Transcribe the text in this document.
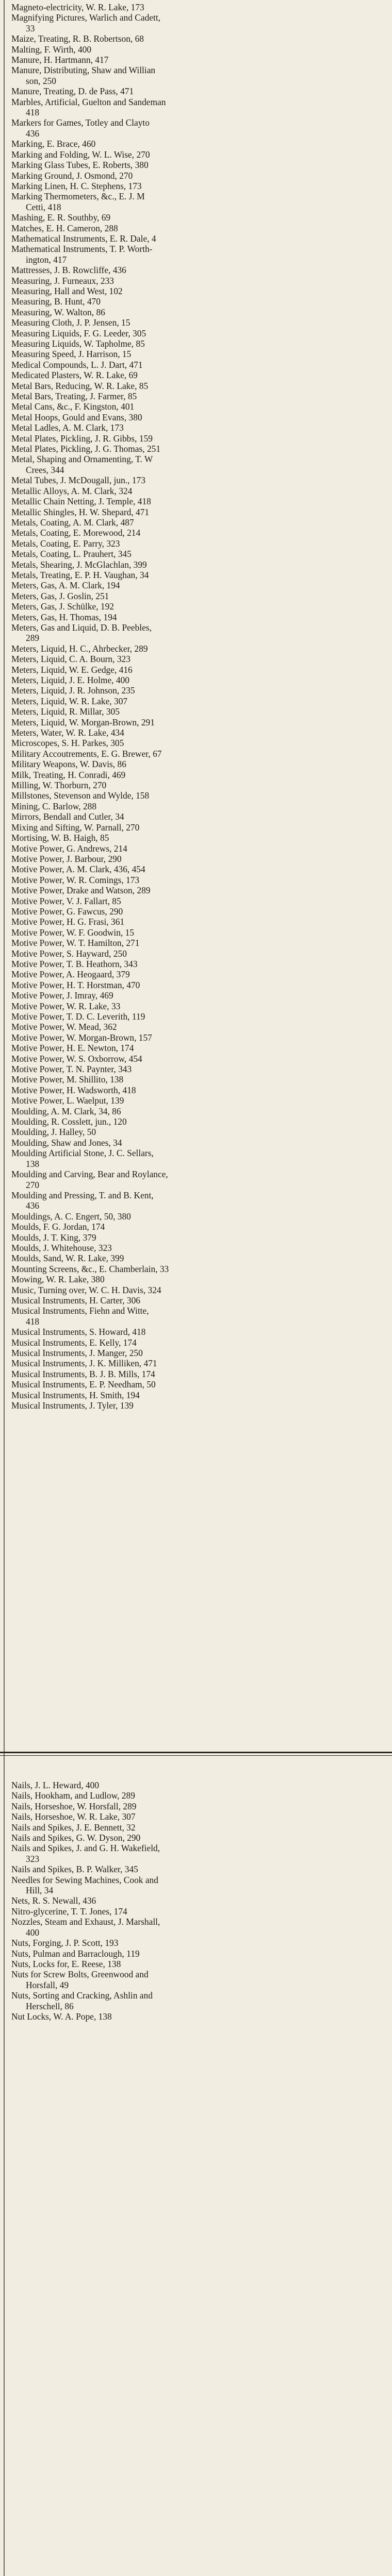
Magneto-electricity, W. R. Lake, 173
Magnifying Pictures, Warlich and Cadett,
33
Maize, Treating, R. B. Robertson, 68
Malting, F. Wirth, 400
Manure, H. Hartmann, 417
Manure, Distributing, Shaw and Willian
son, 250
Manure, Treating, D. de Pass, 471
Marbles, Artificial, Guelton and Sandeman
418
Markers for Games, Totley and Clayto
436
Marking, E. Brace, 460
Marking and Folding, W. L. Wise, 270
Marking Glass Tubes, E. Roberts, 380
Marking Ground, J. Osmond, 270
Marking Linen, H. C. Stephens, 173
Marking Thermometers, &c., E. J. M
Cetti, 418
Mashing, E. R. Southby, 69
Matches, E. H. Cameron, 288
Mathematical Instruments, E. R. Dale, 4
Mathematical Instruments, T. P. Worth-
ington, 417
Mattresses, J. B. Rowcliffe, 436
Measuring, J. Furneaux, 233
Measuring, Hall and West, 102
Measuring, B. Hunt, 470
Measuring, W. Walton, 86
Measuring Cloth, J. P. Jensen, 15
Measuring Liquids, F. G. Leeder, 305
Measuring Liquids, W. Tapholme, 85
Measuring Speed, J. Harrison, 15
Medical Compounds, L. J. Dart, 471
Medicated Plasters, W. R. Lake, 69
Metal Bars, Reducing, W. R. Lake, 85
Metal Bars, Treating, J. Farmer, 85
Metal Cans, &c., F. Kingston, 401
Metal Hoops, Gould and Evans, 380
Metal Ladles, A. M. Clark, 173
Metal Plates, Pickling, J. R. Gibbs, 159
Metal Plates, Pickling, J. G. Thomas, 251
Metal, Shaping and Ornamenting, T. W
Crees, 344
Metal Tubes, J. McDougall, jun., 173
Metallic Alloys, A. M. Clark, 324
Metallic Chain Netting, J. Temple, 418
Metallic Shingles, H. W. Shepard, 471
Metals, Coating, A. M. Clark, 487
Metals, Coating, E. Morewood, 214
Metals, Coating, E. Parry, 323
Metals, Coating, L. Prauhert, 345
Metals, Shearing, J. McGlachlan, 399
Metals, Treating, E. P. H. Vaughan, 34
Meters, Gas, A. M. Clark, 194
Meters, Gas, J. Goslin, 251
Meters, Gas, J. Schülke, 192
Meters, Gas, H. Thomas, 194
Meters, Gas and Liquid, D. B. Peebles,
289
Meters, Liquid, H. C., Ahrbecker, 289
Meters, Liquid, C. A. Bourn, 323
Meters, Liquid, W. E. Gedge, 416
Meters, Liquid, J. E. Holme, 400
Meters, Liquid, J. R. Johnson, 235
Meters, Liquid, W. R. Lake, 307
Meters, Liquid, R. Millar, 305
Meters, Liquid, W. Morgan-Brown, 291
Meters, Water, W. R. Lake, 434
Microscopes, S. H. Parkes, 305
Military Accoutrements, E. G. Brewer, 67
Military Weapons, W. Davis, 86
Milk, Treating, H. Conradi, 469
Milling, W. Thorburn, 270
Millstones, Stevenson and Wylde, 158
Mining, C. Barlow, 288
Mirrors, Bendall and Cutler, 34
Mixing and Sifting, W. Parnall, 270
Mortising, W. B. Haigh, 85
Motive Power, G. Andrews, 214
Motive Power, J. Barbour, 290
Motive Power, A. M. Clark, 436, 454
Motive Power, W. R. Comings, 173
Motive Power, Drake and Watson, 289
Motive Power, V. J. Fallart, 85
Motive Power, G. Fawcus, 290
Motive Power, H. G. Frasi, 361
Motive Power, W. F. Goodwin, 15
Motive Power, W. T. Hamilton, 271
Motive Power, S. Hayward, 250
Motive Power, T. B. Heathorn, 343
Motive Power, A. Heogaard, 379
Motive Power, H. T. Horstman, 470
Motive Power, J. Imray, 469
Motive Power, W. R. Lake, 33
Motive Power, T. D. C. Leverith, 119
Motive Power, W. Mead, 362
Motive Power, W. Morgan-Brown, 157
Motive Power, H. E. Newton, 174
Motive Power, W. S. Oxborrow, 454
Motive Power, T. N. Paynter, 343
Motive Power, M. Shillito, 138
Motive Power, H. Wadsworth, 418
Motive Power, L. Waelput, 139
Moulding, A. M. Clark, 34, 86
Moulding, R. Cosslett, jun., 120
Moulding, J. Halley, 50
Moulding, Shaw and Jones, 34
Moulding Artificial Stone, J. C. Sellars,
138
Moulding and Carving, Bear and Roylance,
270
Moulding and Pressing, T. and B. Kent,
436
Mouldings, A. C. Engert, 50, 380
Moulds, F. G. Jordan, 174
Moulds, J. T. King, 379
Moulds, J. Whitehouse, 323
Moulds, Sand, W. R. Lake, 399
Mounting Screens, &c., E. Chamberlain, 33
Mowing, W. R. Lake, 380
Music, Turning over, W. C. H. Davis, 324
Musical Instruments, H. Carter, 306
Musical Instruments, Fiehn and Witte,
418
Musical Instruments, S. Howard, 418
Musical Instruments, E. Kelly, 174
Musical Instruments, J. Manger, 250
Musical Instruments, J. K. Milliken, 471
Musical Instruments, B. J. B. Mills, 174
Musical Instruments, E. P. Needham, 50
Musical Instruments, H. Smith, 194
Musical Instruments, J. Tyler, 139
Nails, J. L. Heward, 400
Nails, Hookham, and Ludlow, 289
Nails, Horseshoe, W. Horsfall, 289
Nails, Horseshoe, W. R. Lake, 307
Nails and Spikes, J. E. Bennett, 32
Nails and Spikes, G. W. Dyson, 290
Nails and Spikes, J. and G. H. Wakefield,
323
Nails and Spikes, B. P. Walker, 345
Needles for Sewing Machines, Cook and
Hill, 34
Nets, R. S. Newall, 436
Nitro-glycerine, T. T. Jones, 174
Nozzles, Steam and Exhaust, J. Marshall,
400
Nuts, Forging, J. P. Scott, 193
Nuts, Pulman and Barraclough, 119
Nuts, Locks for, E. Reese, 138
Nuts for Screw Bolts, Greenwood and
Horsfall, 49
Nuts, Sorting and Cracking, Ashlin and
Herschell, 86
Nut Locks, W. A. Pope, 138
